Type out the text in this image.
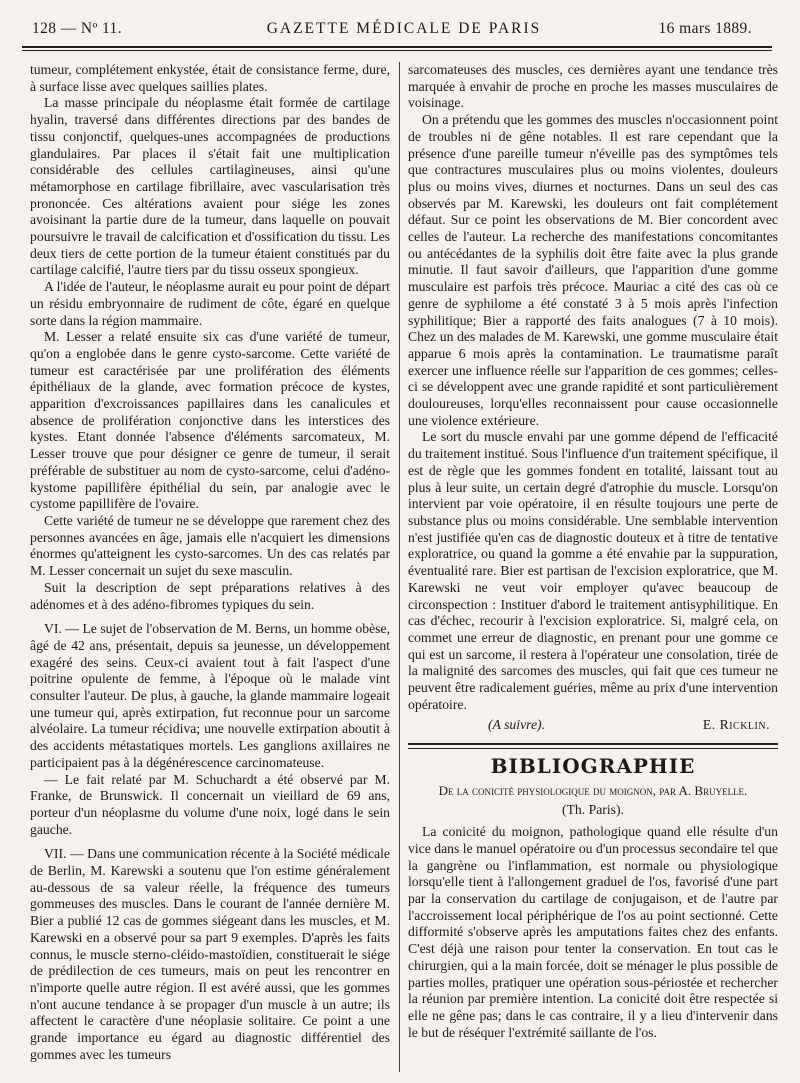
128 — Nº 11.	GAZETTE MÉDICALE DE PARIS	16 mars 1889.

tumeur, complétement enkystée, était de consistance ferme, dure, à surface lisse avec quelques saillies plates.

La masse principale du néoplasme était formée de cartilage hyalin, traversé dans différentes directions par des bandes de tissu conjonctif, quelques-unes accompagnées de productions glandulaires. Par places il s'était fait une multiplication considérable des cellules cartilagineuses, ainsi qu'une métamorphose en cartilage fibrillaire, avec vascularisation très prononcée. Ces altérations avaient pour siége les zones avoisinant la partie dure de la tumeur, dans laquelle on pouvait poursuivre le travail de calcification et d'ossification du tissu. Les deux tiers de cette portion de la tumeur étaient constitués par du cartilage calcifié, l'autre tiers par du tissu osseux spongieux.

A l'idée de l'auteur, le néoplasme aurait eu pour point de départ un résidu embryonnaire de rudiment de côte, égaré en quelque sorte dans la région mammaire.

M. Lesser a relaté ensuite six cas d'une variété de tumeur, qu'on a englobée dans le genre cysto-sarcome. Cette variété de tumeur est caractérisée par une prolifération des éléments épithéliaux de la glande, avec formation précoce de kystes, apparition d'excroissances papillaires dans les canalicules et absence de prolifération conjonctive dans les interstices des kystes. Etant donnée l'absence d'éléments sarcomateux, M. Lesser trouve que pour désigner ce genre de tumeur, il serait préférable de substituer au nom de cysto-sarcome, celui d'adéno-kystome papillifère épithélial du sein, par analogie avec le cystome papillifère de l'ovaire.

Cette variété de tumeur ne se développe que rarement chez des personnes avancées en âge, jamais elle n'acquiert les dimensions énormes qu'atteignent les cysto-sarcomes. Un des cas relatés par M. Lesser concernait un sujet du sexe masculin.

Suit la description de sept préparations relatives à des adénomes et à des adéno-fibromes typiques du sein.

VI. — Le sujet de l'observation de M. Berns, un homme obèse, âgé de 42 ans, présentait, depuis sa jeunesse, un développement exagéré des seins. Ceux-ci avaient tout à fait l'aspect d'une poitrine opulente de femme, à l'époque où le malade vint consulter l'auteur. De plus, à gauche, la glande mammaire logeait une tumeur qui, après extirpation, fut reconnue pour un sarcome alvéolaire. La tumeur récidiva; une nouvelle extirpation aboutit à des accidents métastatiques mortels. Les ganglions axillaires ne participaient pas à la dégénérescence carcinomateuse.

— Le fait relaté par M. Schuchardt a été observé par M. Franke, de Brunswick. Il concernait un vieillard de 69 ans, porteur d'un néoplasme du volume d'une noix, logé dans le sein gauche.

VII. — Dans une communication récente à la Société médicale de Berlin, M. Karewski a soutenu que l'on estime généralement au-dessous de sa valeur réelle, la fréquence des tumeurs gommeuses des muscles. Dans le courant de l'année dernière M. Bier a publié 12 cas de gommes siégeant dans les muscles, et M. Karewski en a observé pour sa part 9 exemples. D'après les faits connus, le muscle sterno-cléido-mastoïdien, constituerait le siége de prédilection de ces tumeurs, mais on peut les rencontrer en n'importe quelle autre région. Il est avéré aussi, que les gommes n'ont aucune tendance à se propager d'un muscle à un autre; ils affectent le caractère d'une néoplasie solitaire. Ce point a une grande importance eu égard au diagnostic différentiel des gommes avec les tumeurs

sarcomateuses des muscles, ces dernières ayant une tendance très marquée à envahir de proche en proche les masses musculaires de voisinage.

On a prétendu que les gommes des muscles n'occasionnent point de troubles ni de gêne notables. Il est rare cependant que la présence d'une pareille tumeur n'éveille pas des symptômes tels que contractures musculaires plus ou moins violentes, douleurs plus ou moins vives, diurnes et nocturnes. Dans un seul des cas observés par M. Karewski, les douleurs ont fait complétement défaut. Sur ce point les observations de M. Bier concordent avec celles de l'auteur. La recherche des manifestations concomitantes ou antécédantes de la syphilis doit être faite avec la plus grande minutie. Il faut savoir d'ailleurs, que l'apparition d'une gomme musculaire est parfois très précoce. Mauriac a cité des cas où ce genre de syphilome a été constaté 3 à 5 mois après l'infection syphilitique; Bier a rapporté des faits analogues (7 à 10 mois). Chez un des malades de M. Karewski, une gomme musculaire était apparue 6 mois après la contamination. Le traumatisme paraît exercer une influence réelle sur l'apparition de ces gommes; celles-ci se développent avec une grande rapidité et sont particulièrement douloureuses, lorqu'elles reconnaissent pour cause occasionnelle une violence extérieure.

Le sort du muscle envahi par une gomme dépend de l'efficacité du traitement institué. Sous l'influence d'un traitement spécifique, il est de règle que les gommes fondent en totalité, laissant tout au plus à leur suite, un certain degré d'atrophie du muscle. Lorsqu'on intervient par voie opératoire, il en résulte toujours une perte de substance plus ou moins considérable. Une semblable intervention n'est justifiée qu'en cas de diagnostic douteux et à titre de tentative exploratrice, ou quand la gomme a été envahie par la suppuration, éventualité rare. Bier est partisan de l'excision exploratrice, que M. Karewski ne veut voir employer qu'avec beaucoup de circonspection : Instituer d'abord le traitement antisyphilitique. En cas d'échec, recourir à l'excision exploratrice. Si, malgré cela, on commet une erreur de diagnostic, en prenant pour une gomme ce qui est un sarcome, il restera à l'opérateur une consolation, tirée de la malignité des sarcomes des muscles, qui fait que ces tumeur ne peuvent être radicalement guéries, même au prix d'une intervention opératoire.

(A suivre).	E. Ricklin.
BIBLIOGRAPHIE
De la conicité physiologique du moignon, par A. Bruyelle.
(Th. Paris).

La conicité du moignon, pathologique quand elle résulte d'un vice dans le manuel opératoire ou d'un processus secondaire tel que la gangrène ou l'inflammation, est normale ou physiologique lorsqu'elle tient à l'allongement graduel de l'os, favorisé d'une part par la conservation du cartilage de conjugaison, et de l'autre par l'accroissement local périphérique de l'os au point sectionné. Cette difformité s'observe après les amputations faites chez des enfants. C'est déjà une raison pour tenter la conservation. En tout cas le chirurgien, qui a la main forcée, doit se ménager le plus possible de parties molles, pratiquer une opération sous-périostée et rechercher la réunion par première intention. La conicité doit être respectée si elle ne gêne pas; dans le cas contraire, il y a lieu d'intervenir dans le but de réséquer l'extrémité saillante de l'os.
